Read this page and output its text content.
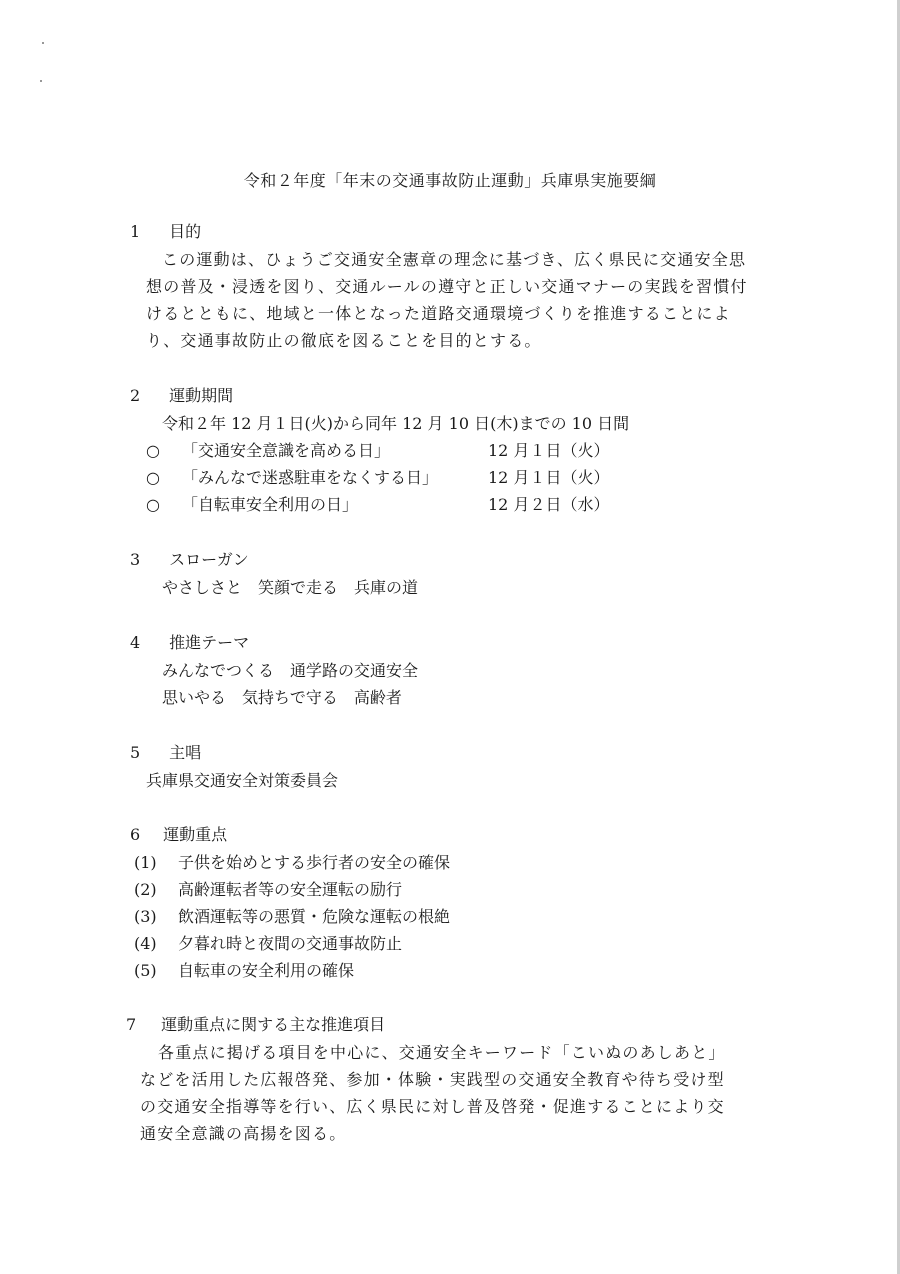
令和２年度「年末の交通事故防止運動」兵庫県実施要綱
1 目的
この運動は、ひょうご交通安全憲章の理念に基づき、広く県民に交通安全思
想の普及・浸透を図り、交通ルールの遵守と正しい交通マナーの実践を習慣付
けるとともに、地域と一体となった道路交通環境づくりを推進することによ
り、交通事故防止の徹底を図ることを目的とする。
2 運動期間
令和２年 12 月１日(火)から同年 12 月 10 日(木)までの 10 日間
○ 「交通安全意識を高める日」	12 月１日（火）
○ 「みんなで迷惑駐車をなくする日」	12 月１日（火）
○ 「自転車安全利用の日」	12 月２日（水）
3 スローガン
やさしさと　笑顔で走る　兵庫の道
4 推進テーマ
みんなでつくる　通学路の交通安全
思いやる　気持ちで守る　高齢者
5 主唱
兵庫県交通安全対策委員会
6 運動重点
(1) 子供を始めとする歩行者の安全の確保
(2) 高齢運転者等の安全運転の励行
(3) 飲酒運転等の悪質・危険な運転の根絶
(4) 夕暮れ時と夜間の交通事故防止
(5) 自転車の安全利用の確保
7 運動重点に関する主な推進項目
各重点に掲げる項目を中心に、交通安全キーワード「こいぬのあしあと」
などを活用した広報啓発、参加・体験・実践型の交通安全教育や待ち受け型
の交通安全指導等を行い、広く県民に対し普及啓発・促進することにより交
通安全意識の高揚を図る。
